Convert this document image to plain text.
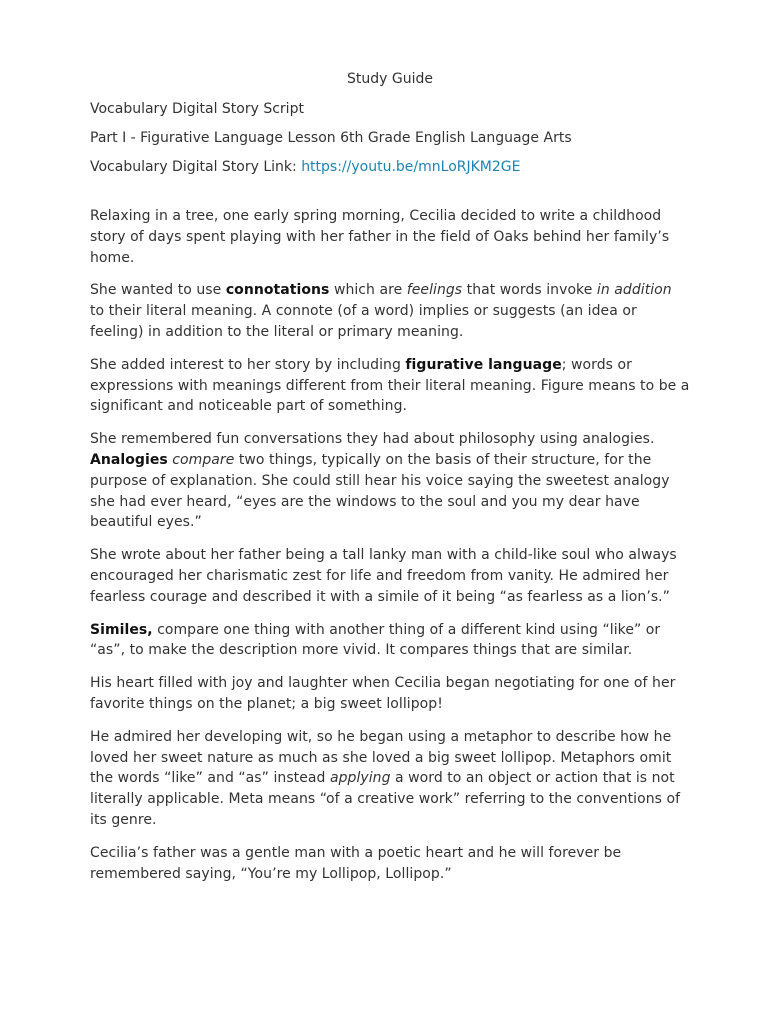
Study Guide
Vocabulary Digital Story Script
Part I - Figurative Language Lesson 6th Grade English Language Arts
Vocabulary Digital Story Link: https://youtu.be/mnLoRJKM2GE

Relaxing in a tree, one early spring morning, Cecilia decided to write a childhood story of days spent playing with her father in the field of Oaks behind her family’s home.

She wanted to use connotations which are feelings that words invoke in addition to their literal meaning. A connote (of a word) implies or suggests (an idea or feeling) in addition to the literal or primary meaning.

She added interest to her story by including figurative language; words or expressions with meanings different from their literal meaning. Figure means to be a significant and noticeable part of something.

She remembered fun conversations they had about philosophy using analogies. Analogies compare two things, typically on the basis of their structure, for the purpose of explanation. She could still hear his voice saying the sweetest analogy she had ever heard, “eyes are the windows to the soul and you my dear have beautiful eyes.”

She wrote about her father being a tall lanky man with a child-like soul who always encouraged her charismatic zest for life and freedom from vanity. He admired her fearless courage and described it with a simile of it being “as fearless as a lion’s.”

Similes, compare one thing with another thing of a different kind using “like” or “as”, to make the description more vivid. It compares things that are similar.

His heart filled with joy and laughter when Cecilia began negotiating for one of her favorite things on the planet; a big sweet lollipop!

He admired her developing wit, so he began using a metaphor to describe how he loved her sweet nature as much as she loved a big sweet lollipop. Metaphors omit the words “like” and “as” instead applying a word to an object or action that is not literally applicable. Meta means “of a creative work” referring to the conventions of its genre.

Cecilia’s father was a gentle man with a poetic heart and he will forever be remembered saying, “You’re my Lollipop, Lollipop.”
